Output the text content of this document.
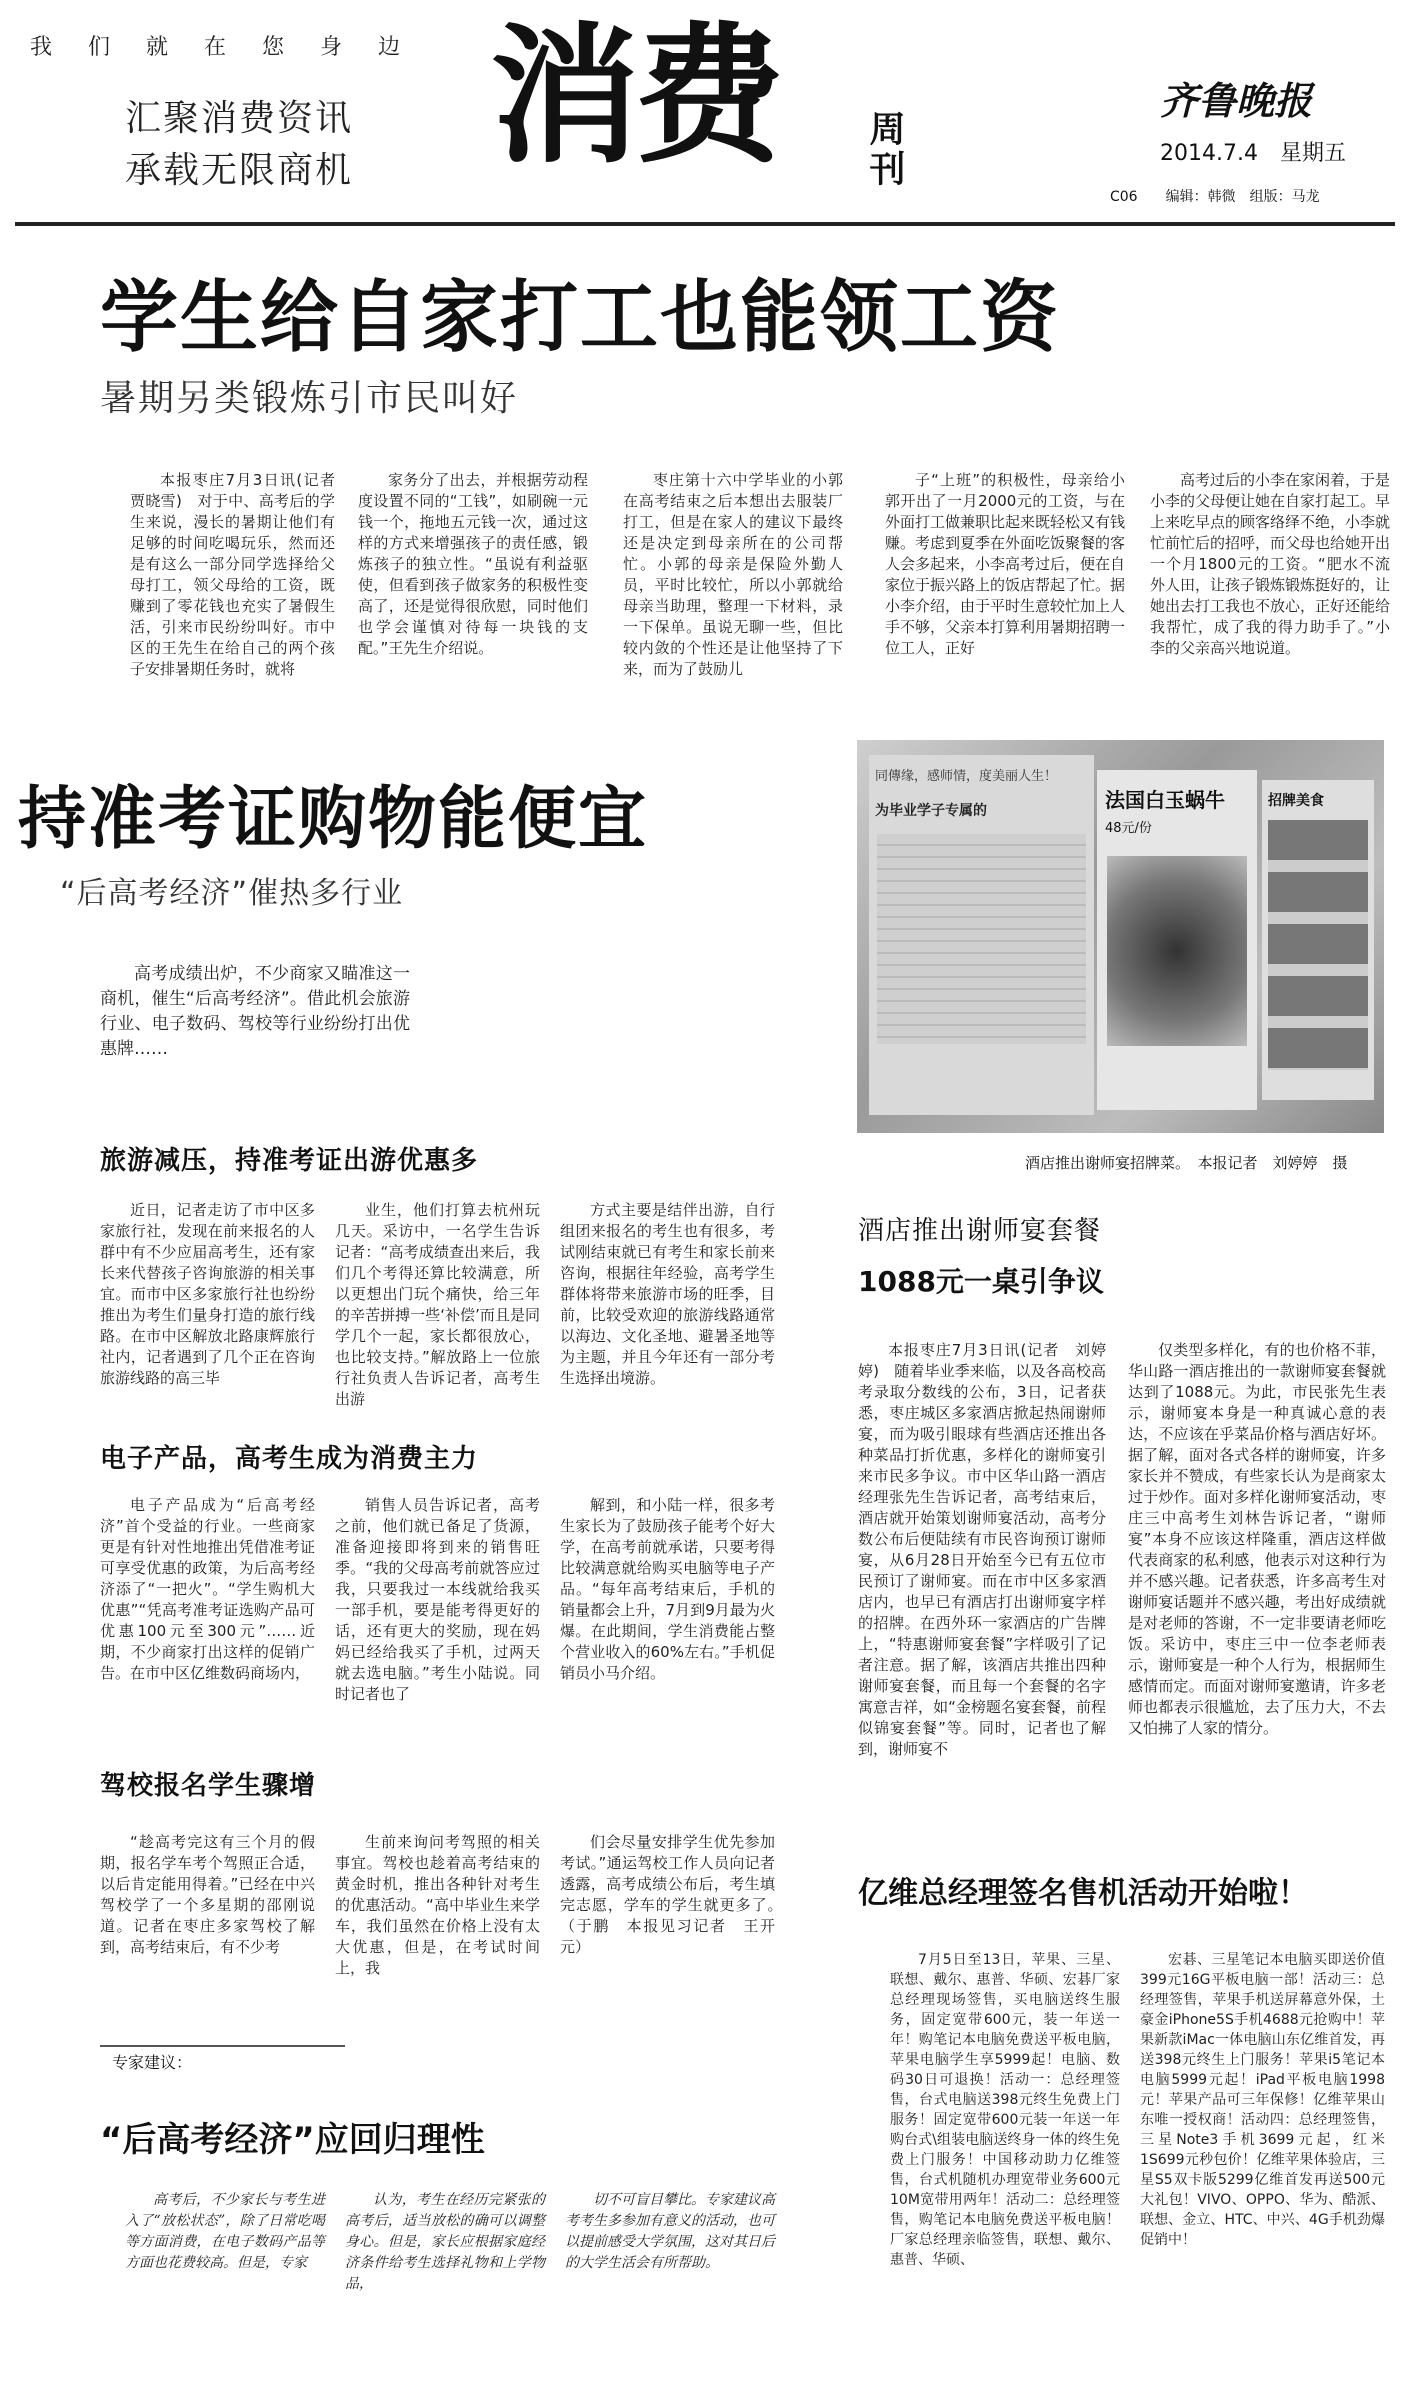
我们就在您身边
汇聚消费资讯
承载无限商机 消费 周刊
齐鲁晚报
2014.7.4　星期五
C06　　编辑：韩微　组版：马龙
学生给自家打工也能领工资
暑期另类锻炼引市民叫好

本报枣庄7月3日讯(记者 贾晓雪)　对于中、高考后的学生来说，漫长的暑期让他们有足够的时间吃喝玩乐，然而还是有这么一部分同学选择给父母打工，领父母给的工资，既赚到了零花钱也充实了暑假生活，引来市民纷纷叫好。市中区的王先生在给自己的两个孩子安排暑期任务时，就将

家务分了出去，并根据劳动程度设置不同的“工钱”，如刷碗一元钱一个，拖地五元钱一次，通过这样的方式来增强孩子的责任感，锻炼孩子的独立性。“虽说有利益驱使，但看到孩子做家务的积极性变高了，还是觉得很欣慰，同时他们也学会谨慎对待每一块钱的支配。”王先生介绍说。

枣庄第十六中学毕业的小郭在高考结束之后本想出去服装厂打工，但是在家人的建议下最终还是决定到母亲所在的公司帮忙。小郭的母亲是保险外勤人员，平时比较忙，所以小郭就给母亲当助理，整理一下材料，录一下保单。虽说无聊一些，但比较内敛的个性还是让他坚持了下来，而为了鼓励儿

子“上班”的积极性，母亲给小郭开出了一月2000元的工资，与在外面打工做兼职比起来既轻松又有钱赚。考虑到夏季在外面吃饭聚餐的客人会多起来，小李高考过后，便在自家位于振兴路上的饭店帮起了忙。据小李介绍，由于平时生意较忙加上人手不够，父亲本打算利用暑期招聘一位工人，正好

高考过后的小李在家闲着，于是小李的父母便让她在自家打起工。早上来吃早点的顾客络绎不绝，小李就忙前忙后的招呼，而父母也给她开出一个月1800元的工资。“肥水不流外人田，让孩子锻炼锻炼挺好的，让她出去打工我也不放心，正好还能给我帮忙，成了我的得力助手了。”小李的父亲高兴地说道。

持准考证购物能便宜
“后高考经济”催热多行业

高考成绩出炉，不少商家又瞄准这一商机，催生“后高考经济”。借此机会旅游行业、电子数码、驾校等行业纷纷打出优惠牌……

旅游减压，持准考证出游优惠多

近日，记者走访了市中区多家旅行社，发现在前来报名的人群中有不少应届高考生，还有家长来代替孩子咨询旅游的相关事宜。而市中区多家旅行社也纷纷推出为考生们量身打造的旅行线路。在市中区解放北路康辉旅行社内，记者遇到了几个正在咨询旅游线路的高三毕

业生，他们打算去杭州玩几天。采访中，一名学生告诉记者：“高考成绩查出来后，我们几个考得还算比较满意，所以更想出门玩个痛快，给三年的辛苦拼搏一些‘补偿’而且是同学几个一起，家长都很放心，也比较支持。”解放路上一位旅行社负责人告诉记者，高考生出游

方式主要是结伴出游，自行组团来报名的考生也有很多，考试刚结束就已有考生和家长前来咨询，根据往年经验，高考学生群体将带来旅游市场的旺季，目前，比较受欢迎的旅游线路通常以海边、文化圣地、避暑圣地等为主题，并且今年还有一部分考生选择出境游。

电子产品，高考生成为消费主力

电子产品成为“后高考经济”首个受益的行业。一些商家更是有针对性地推出凭借准考证可享受优惠的政策，为后高考经济添了“一把火”。“学生购机大优惠”“凭高考准考证选购产品可优惠100元至300元”……近期，不少商家打出这样的促销广告。在市中区亿维数码商场内，

销售人员告诉记者，高考之前，他们就已备足了货源，准备迎接即将到来的销售旺季。“我的父母高考前就答应过我，只要我过一本线就给我买一部手机，要是能考得更好的话，还有更大的奖励，现在妈妈已经给我买了手机，过两天就去选电脑。”考生小陆说。同时记者也了

解到，和小陆一样，很多考生家长为了鼓励孩子能考个好大学，在高考前就承诺，只要考得比较满意就给购买电脑等电子产品。“每年高考结束后，手机的销量都会上升，7月到9月最为火爆。在此期间，学生消费能占整个营业收入的60%左右。”手机促销员小马介绍。

驾校报名学生骤增

“趁高考完这有三个月的假期，报名学车考个驾照正合适，以后肯定能用得着。”已经在中兴驾校学了一个多星期的邵刚说道。记者在枣庄多家驾校了解到，高考结束后，有不少考

生前来询问考驾照的相关事宜。驾校也趁着高考结束的黄金时机，推出各种针对考生的优惠活动。“高中毕业生来学车，我们虽然在价格上没有太大优惠，但是，在考试时间上，我

们会尽量安排学生优先参加考试。”通运驾校工作人员向记者透露，高考成绩公布后，考生填完志愿，学车的学生就更多了。　　（于鹏　本报见习记者　王开元）

专家建议：
“后高考经济”应回归理性

高考后，不少家长与考生进入了“放松状态”，除了日常吃喝等方面消费，在电子数码产品等方面也花费较高。但是，专家

认为，考生在经历完紧张的高考后，适当放松的确可以调整身心。但是，家长应根据家庭经济条件给考生选择礼物和上学物品，

切不可盲目攀比。专家建议高考考生多参加有意义的活动，也可以提前感受大学氛围，这对其日后的大学生活会有所帮助。

同傳缘，感师情，度美丽人生！
为毕业学子专属的	法国白玉蜗牛
48元/份
招牌美食
酒店推出谢师宴招牌菜。　本报记者　刘婷婷　摄
酒店推出谢师宴套餐
1088元一桌引争议

本报枣庄7月3日讯(记者　刘婷婷)　随着毕业季来临，以及各高校高考录取分数线的公布，3日，记者获悉，枣庄城区多家酒店掀起热闹谢师宴，而为吸引眼球有些酒店还推出各种菜品打折优惠，多样化的谢师宴引来市民多争议。市中区华山路一酒店经理张先生告诉记者，高考结束后，酒店就开始策划谢师宴活动，高考分数公布后便陆续有市民咨询预订谢师宴，从6月28日开始至今已有五位市民预订了谢师宴。而在市中区多家酒店内，也早已有酒店打出谢师宴字样的招牌。在西外环一家酒店的广告牌上，“特惠谢师宴套餐”字样吸引了记者注意。据了解，该酒店共推出四种谢师宴套餐，而且每一个套餐的名字寓意吉祥，如“金榜题名宴套餐，前程似锦宴套餐”等。同时，记者也了解到，谢师宴不

仅类型多样化，有的也价格不菲，华山路一酒店推出的一款谢师宴套餐就达到了1088元。为此，市民张先生表示，谢师宴本身是一种真诚心意的表达，不应该在乎菜品价格与酒店好坏。据了解，面对各式各样的谢师宴，许多家长并不赞成，有些家长认为是商家太过于炒作。面对多样化谢师宴活动，枣庄三中高考生刘林告诉记者，“谢师宴”本身不应该这样隆重，酒店这样做代表商家的私利感，他表示对这种行为并不感兴趣。记者获悉，许多高考生对谢师宴话题并不感兴趣，考出好成绩就是对老师的答谢，不一定非要请老师吃饭。采访中，枣庄三中一位李老师表示，谢师宴是一种个人行为，根据师生感情而定。而面对谢师宴邀请，许多老师也都表示很尴尬，去了压力大，不去又怕拂了人家的情分。

亿维总经理签名售机活动开始啦！

7月5日至13日，苹果、三星、联想、戴尔、惠普、华硕、宏碁厂家总经理现场签售，买电脑送终生服务，固定宽带600元，装一年送一年！购笔记本电脑免费送平板电脑，苹果电脑学生享5999起！电脑、数码30日可退换！活动一：总经理签售，台式电脑送398元终生免费上门服务！固定宽带600元装一年送一年购台式\组装电脑送终身一体的终生免费上门服务！中国移动助力亿维签售，台式机随机办理宽带业务600元10M宽带用两年！活动二：总经理签售，购笔记本电脑免费送平板电脑！厂家总经理亲临签售，联想、戴尔、惠普、华硕、

宏碁、三星笔记本电脑买即送价值399元16G平板电脑一部！活动三：总经理签售，苹果手机送屏幕意外保，土豪金iPhone5S手机4688元抢购中！苹果新款iMac一体电脑山东亿维首发，再送398元终生上门服务！苹果i5笔记本电脑5999元起！iPad平板电脑1998元！苹果产品可三年保修！亿维苹果山东唯一授权商！活动四：总经理签售，三星Note3手机3699元起，红米1S699元秒包价！亿维苹果体验店，三星S5双卡版5299亿维首发再送500元大礼包！VIVO、OPPO、华为、酷派、联想、金立、HTC、中兴、4G手机劲爆促销中！
